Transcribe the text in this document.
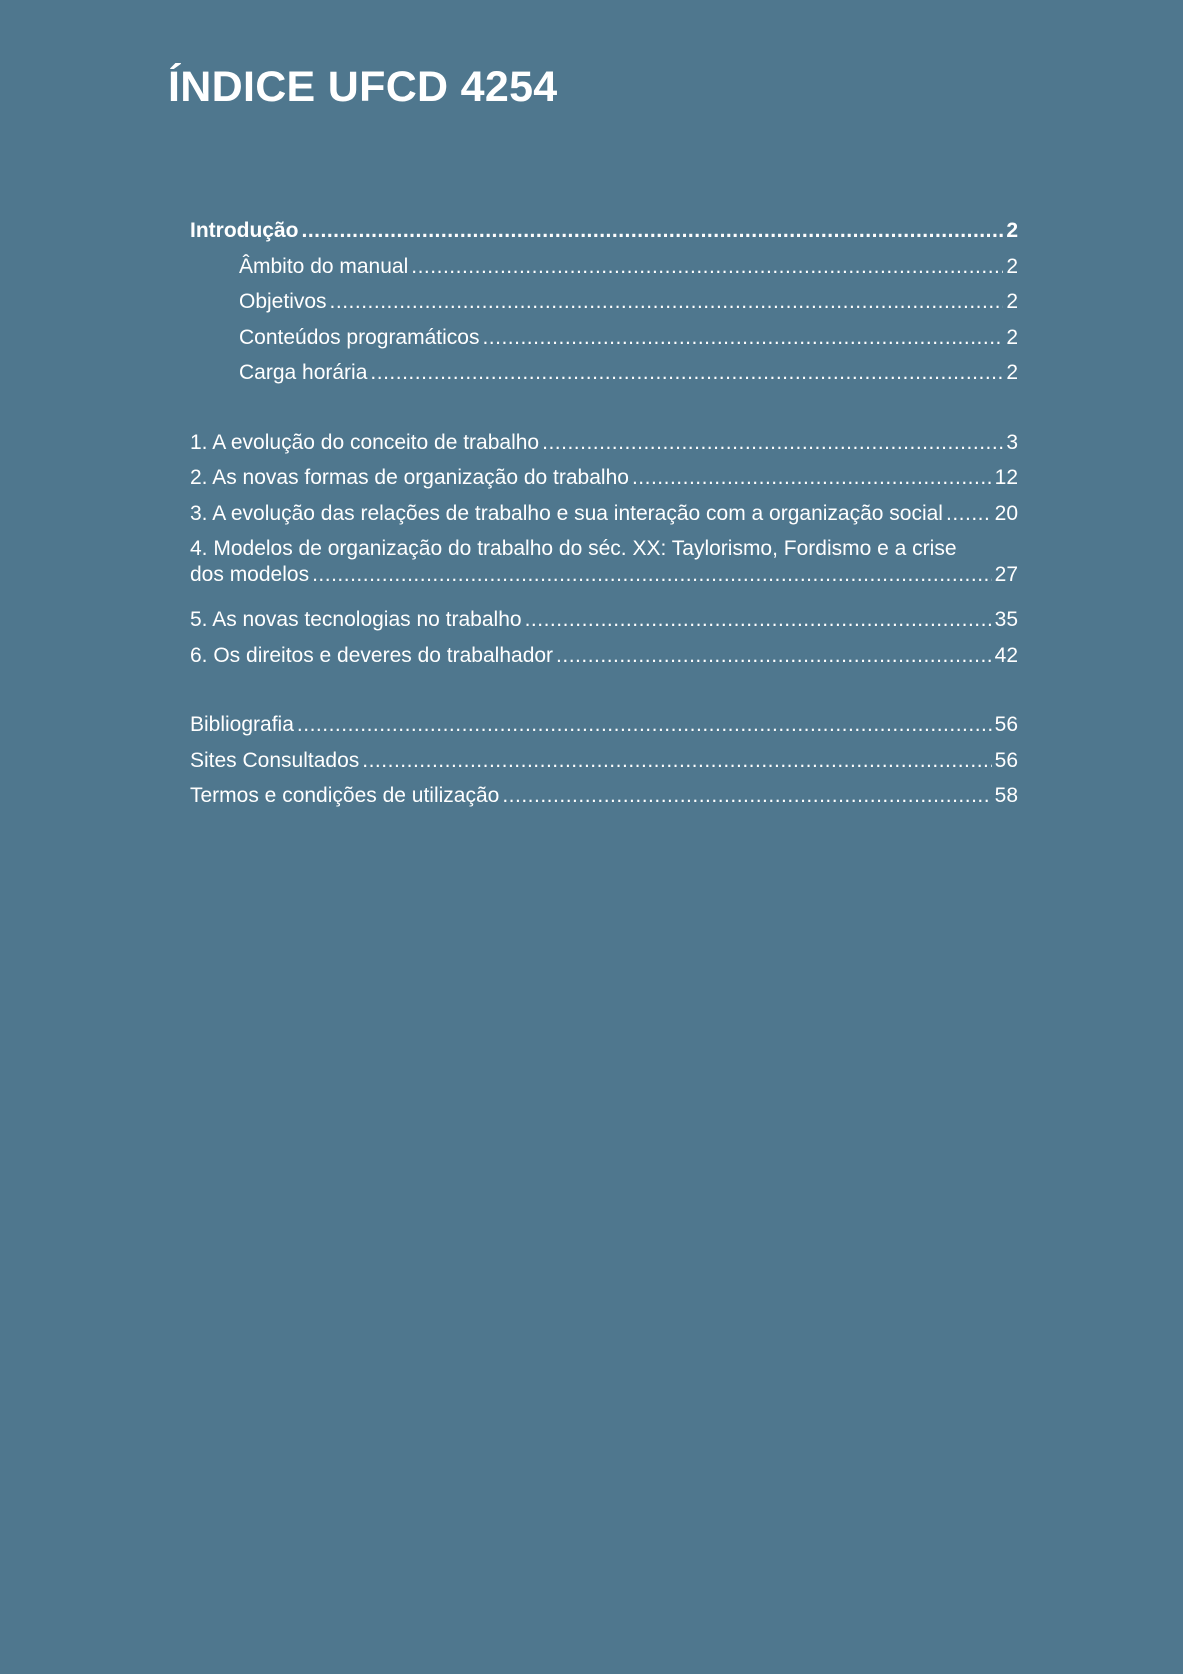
ÍNDICE UFCD 4254
Introdução .....	2
Âmbito do manual .....	2
Objetivos .....	2
Conteúdos programáticos .....	2
Carga horária .....	2
1. A evolução do conceito de trabalho .....	3
2. As novas formas de organização do trabalho .....	12
3. A evolução das relações de trabalho e sua interação com a organização social ..... 20
4. Modelos de organização do trabalho do séc. XX: Taylorismo, Fordismo e a crise
dos modelos .....	27
5. As novas tecnologias no trabalho .....	35
6. Os direitos e deveres do trabalhador .....	42
Bibliografia .....	56
Sites Consultados .....	56
Termos e condições de utilização .....	58
